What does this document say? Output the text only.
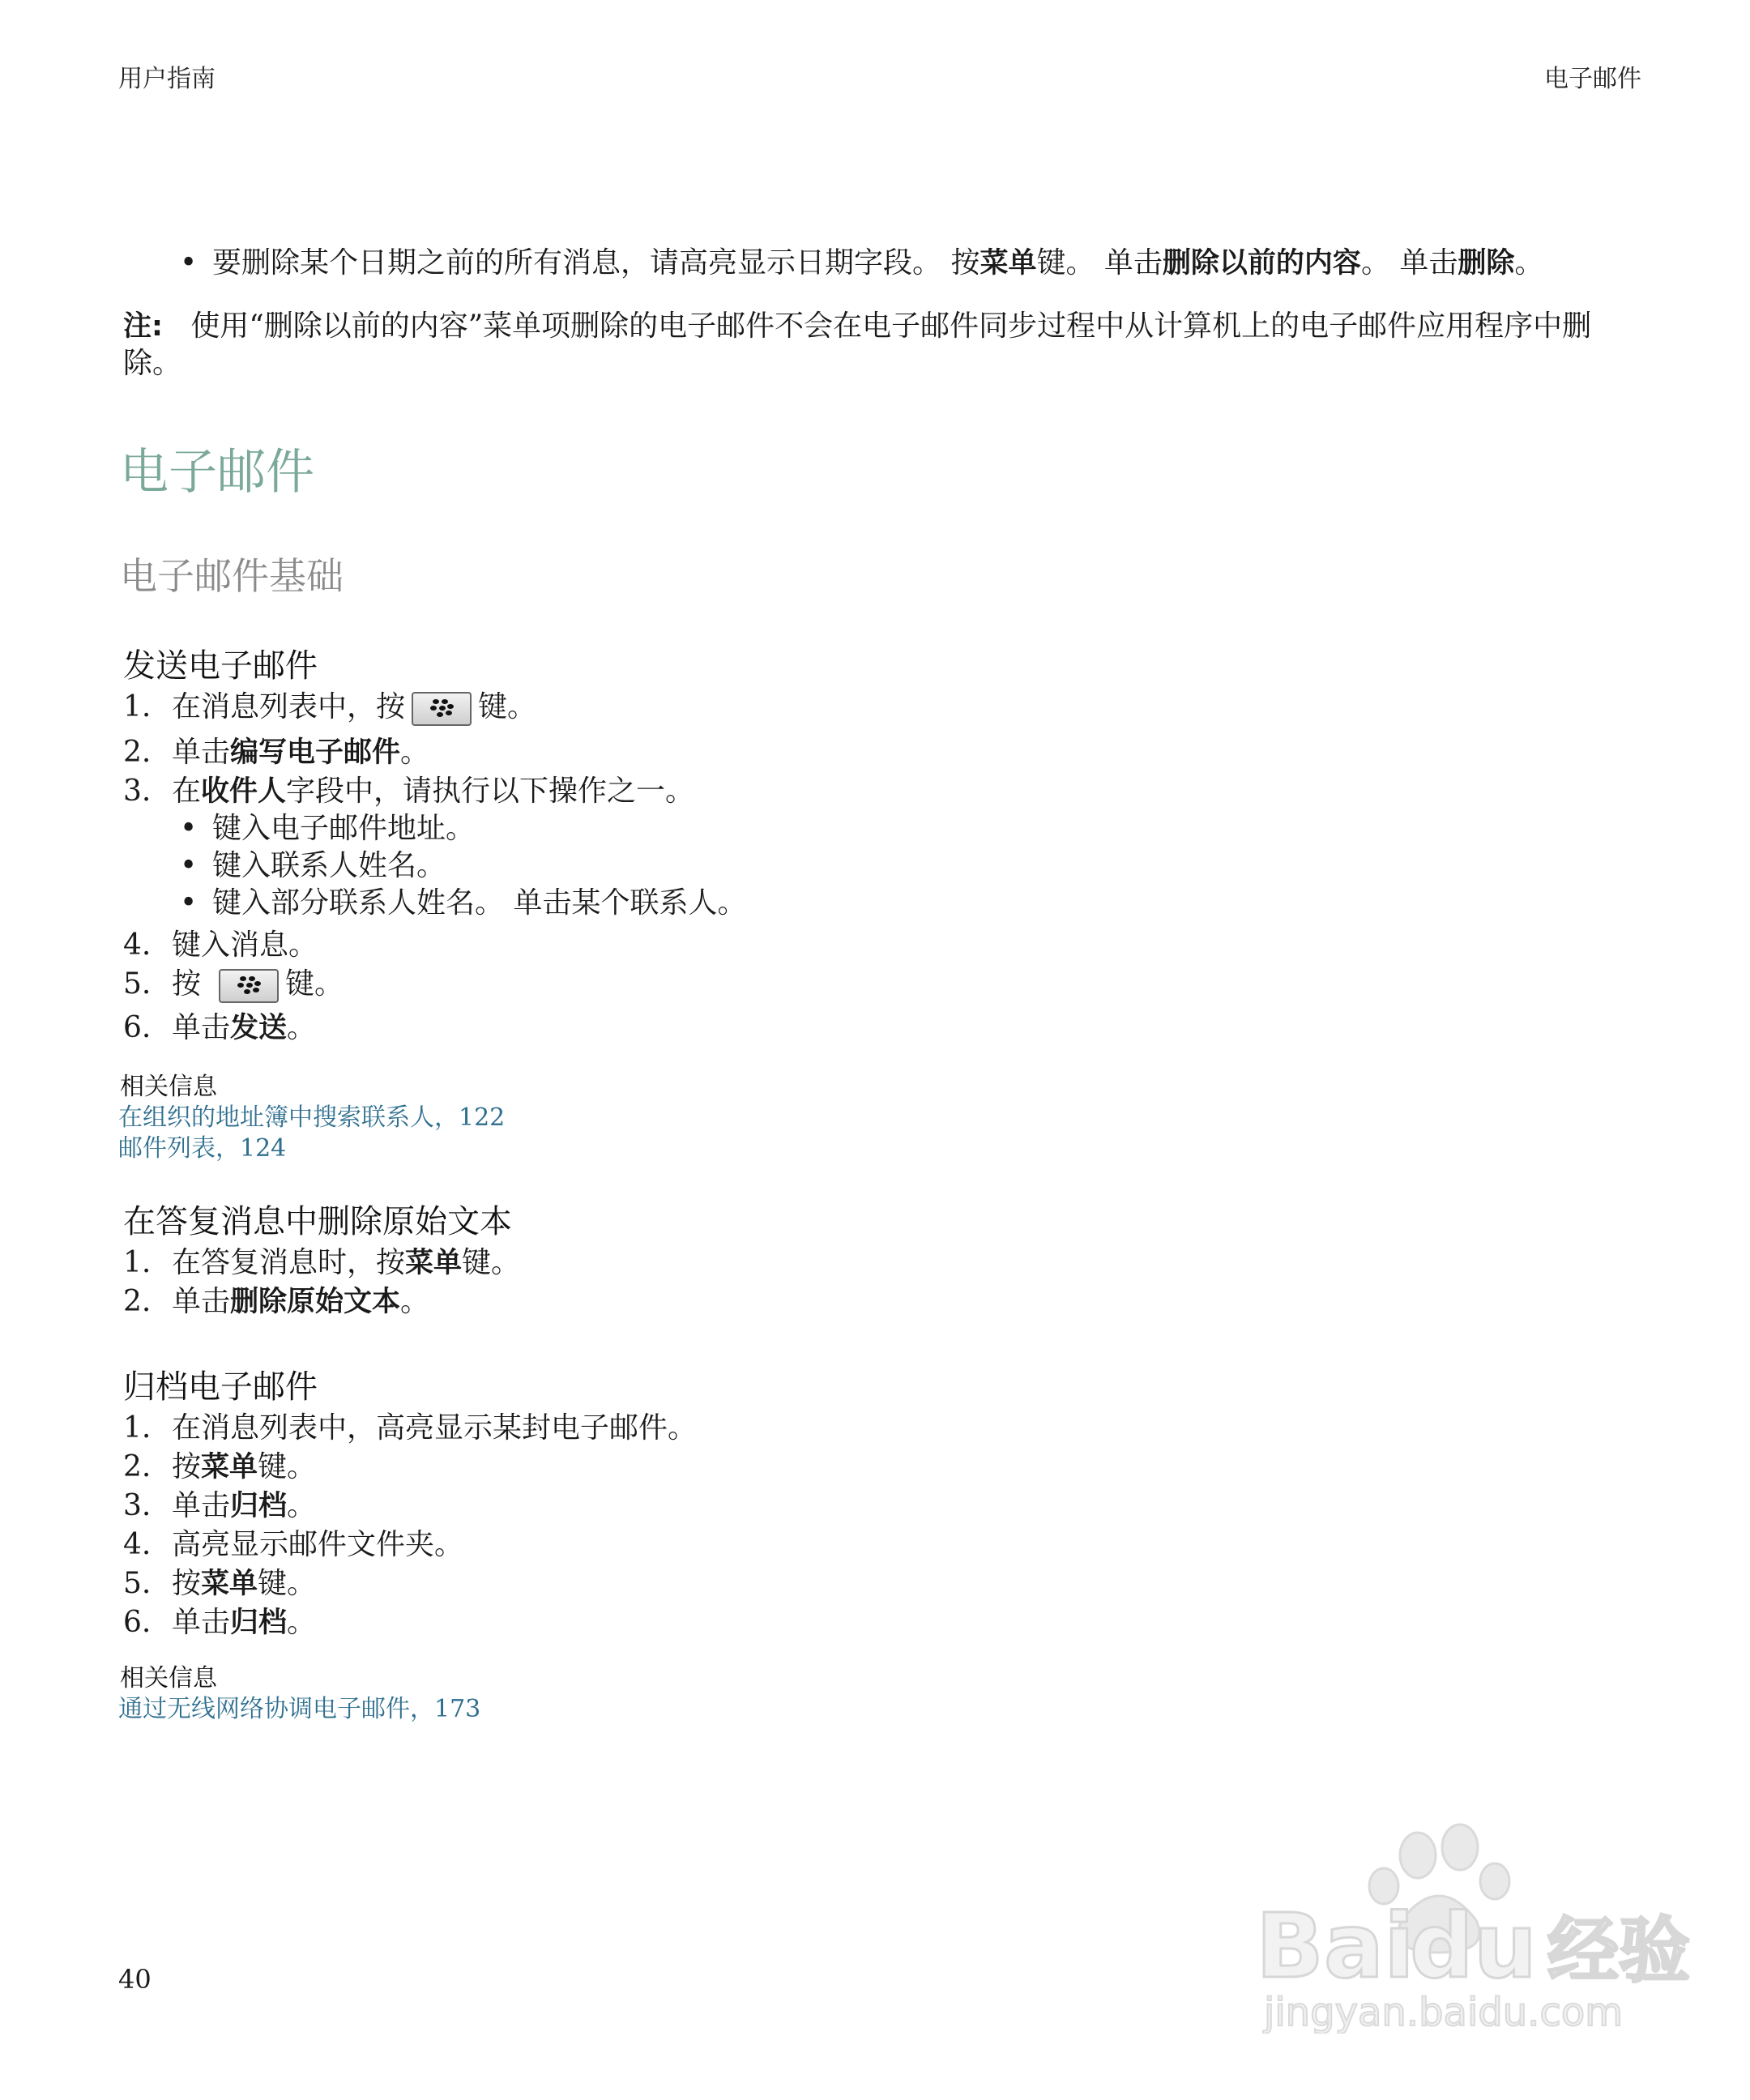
用户指南	电子邮件
• 要删除某个日期之前的所有消息，请高亮显示日期字段。 按菜单键。 单击删除以前的内容。 单击删除。
注: 使用“删除以前的内容”菜单项删除的电子邮件不会在电子邮件同步过程中从计算机上的电子邮件应用程序中删
除。
电子邮件
电子邮件基础
发送电子邮件
1. 在消息列表中，按	键。
2. 单击编写电子邮件。
3. 在收件人字段中，请执行以下操作之一。
• 键入电子邮件地址。
• 键入联系人姓名。
• 键入部分联系人姓名。 单击某个联系人。
4. 键入消息。
5. 按	键。
6. 单击发送。
相关信息
在组织的地址簿中搜索联系人，122
邮件列表，124
在答复消息中删除原始文本
1. 在答复消息时，按菜单键。
2. 单击删除原始文本。
归档电子邮件
1. 在消息列表中，高亮显示某封电子邮件。
2. 按菜单键。
3. 单击归档。
4. 高亮显示邮件文件夹。
5. 按菜单键。
6. 单击归档。
相关信息
通过无线网络协调电子邮件，173
40	Bai
du 经验
jingyan.baidu.com
